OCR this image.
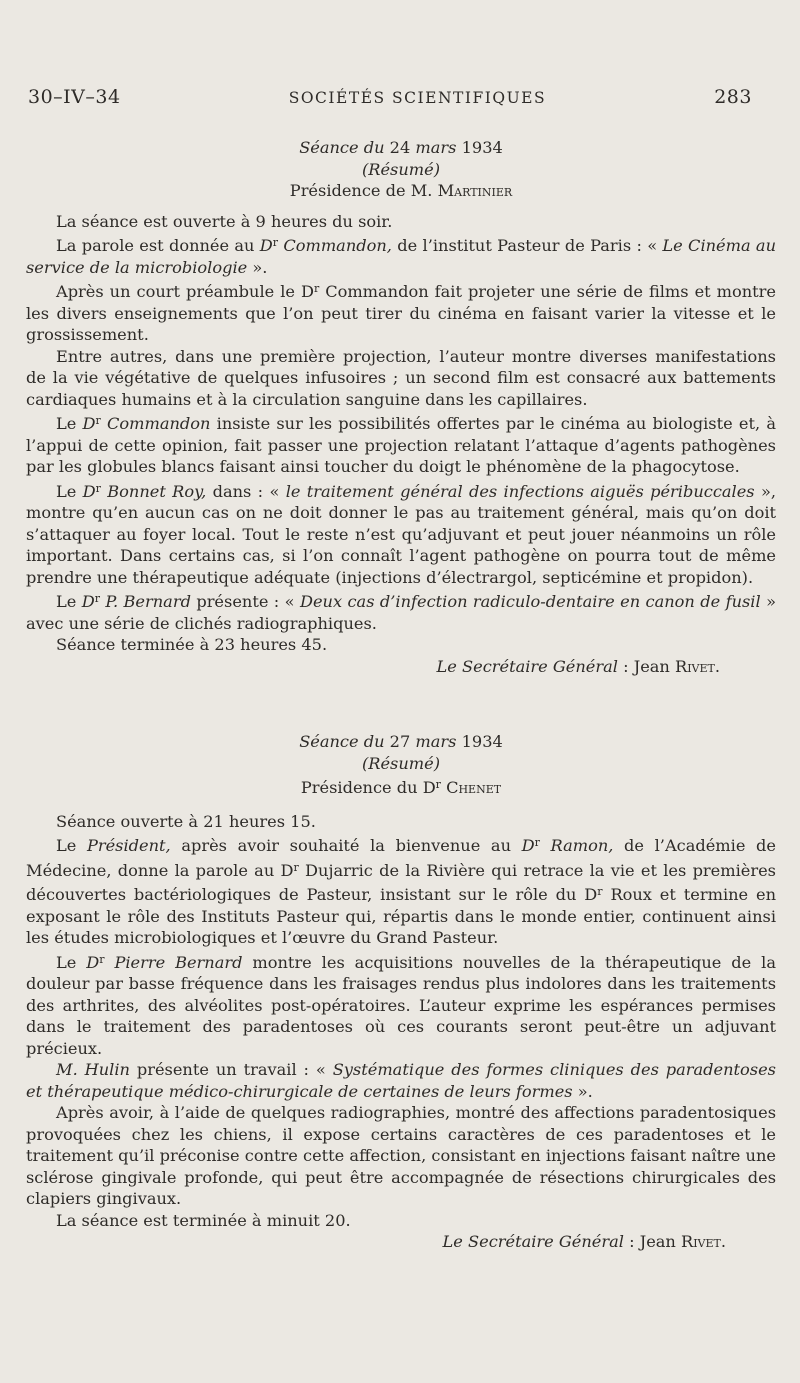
30–IV–34	SOCIÉTÉS SCIENTIFIQUES	283
Séance du 24 mars 1934
(Résumé)
Présidence de M. Martinier

La séance est ouverte à 9 heures du soir.

La parole est donnée au $D^r$ Commandon, de l’institut Pasteur de Paris : « Le Cinéma au service de la microbiologie ».

Après un court préambule le $D^r$ Commandon fait projeter une série de films et montre les divers enseignements que l’on peut tirer du cinéma en faisant varier la vitesse et le grossissement.

Entre autres, dans une première projection, l’auteur montre diverses manifestations de la vie végétative de quelques infusoires ; un second film est consacré aux battements cardiaques humains et à la circulation sanguine dans les capillaires.

Le $D^r$ Commandon insiste sur les possibilités offertes par le cinéma au biologiste et, à l’appui de cette opinion, fait passer une projection relatant l’attaque d’agents pathogènes par les globules blancs faisant ainsi toucher du doigt le phénomène de la phagocytose.

Le $D^r$ Bonnet Roy, dans : « le traitement général des infections aiguës péribuccales », montre qu’en aucun cas on ne doit donner le pas au traitement général, mais qu’on doit s’attaquer au foyer local. Tout le reste n’est qu’adjuvant et peut jouer néanmoins un rôle important. Dans certains cas, si l’on connaît l’agent pathogène on pourra tout de même prendre une thérapeutique adéquate (injections d’électrargol, septicémine et propidon).

Le $D^r$ P. Bernard présente : « Deux cas d’infection radiculo-dentaire en canon de fusil » avec une série de clichés radiographiques.

Séance terminée à 23 heures 45.

Le Secrétaire Général : Jean Rivet.
Séance du 27 mars 1934
(Résumé)
Présidence du $D^r$ Chenet

Séance ouverte à 21 heures 15.

Le Président, après avoir souhaité la bienvenue au $D^r$ Ramon, de l’Académie de Médecine, donne la parole au $D^r$ Dujarric de la Rivière qui retrace la vie et les premières découvertes bactériologiques de Pasteur, insistant sur le rôle du $D^r$ Roux et termine en exposant le rôle des Instituts Pasteur qui, répartis dans le monde entier, continuent ainsi les études microbiologiques et l’œuvre du Grand Pasteur.

Le $D^r$ Pierre Bernard montre les acquisitions nouvelles de la thérapeutique de la douleur par basse fréquence dans les fraisages rendus plus indolores dans les traitements des arthrites, des alvéolites post-opératoires. L’auteur exprime les espérances permises dans le traitement des paradentoses où ces courants seront peut-être un adjuvant précieux.

M. Hulin présente un travail : « Systématique des formes cliniques des paradentoses et thérapeutique médico-chirurgicale de certaines de leurs formes ».

Après avoir, à l’aide de quelques radiographies, montré des affections paradentosiques provoquées chez les chiens, il expose certains caractères de ces paradentoses et le traitement qu’il préconise contre cette affection, consistant en injections faisant naître une sclérose gingivale profonde, qui peut être accompagnée de résections chirurgicales des clapiers gingivaux.

La séance est terminée à minuit 20.

Le Secrétaire Général : Jean Rivet.
